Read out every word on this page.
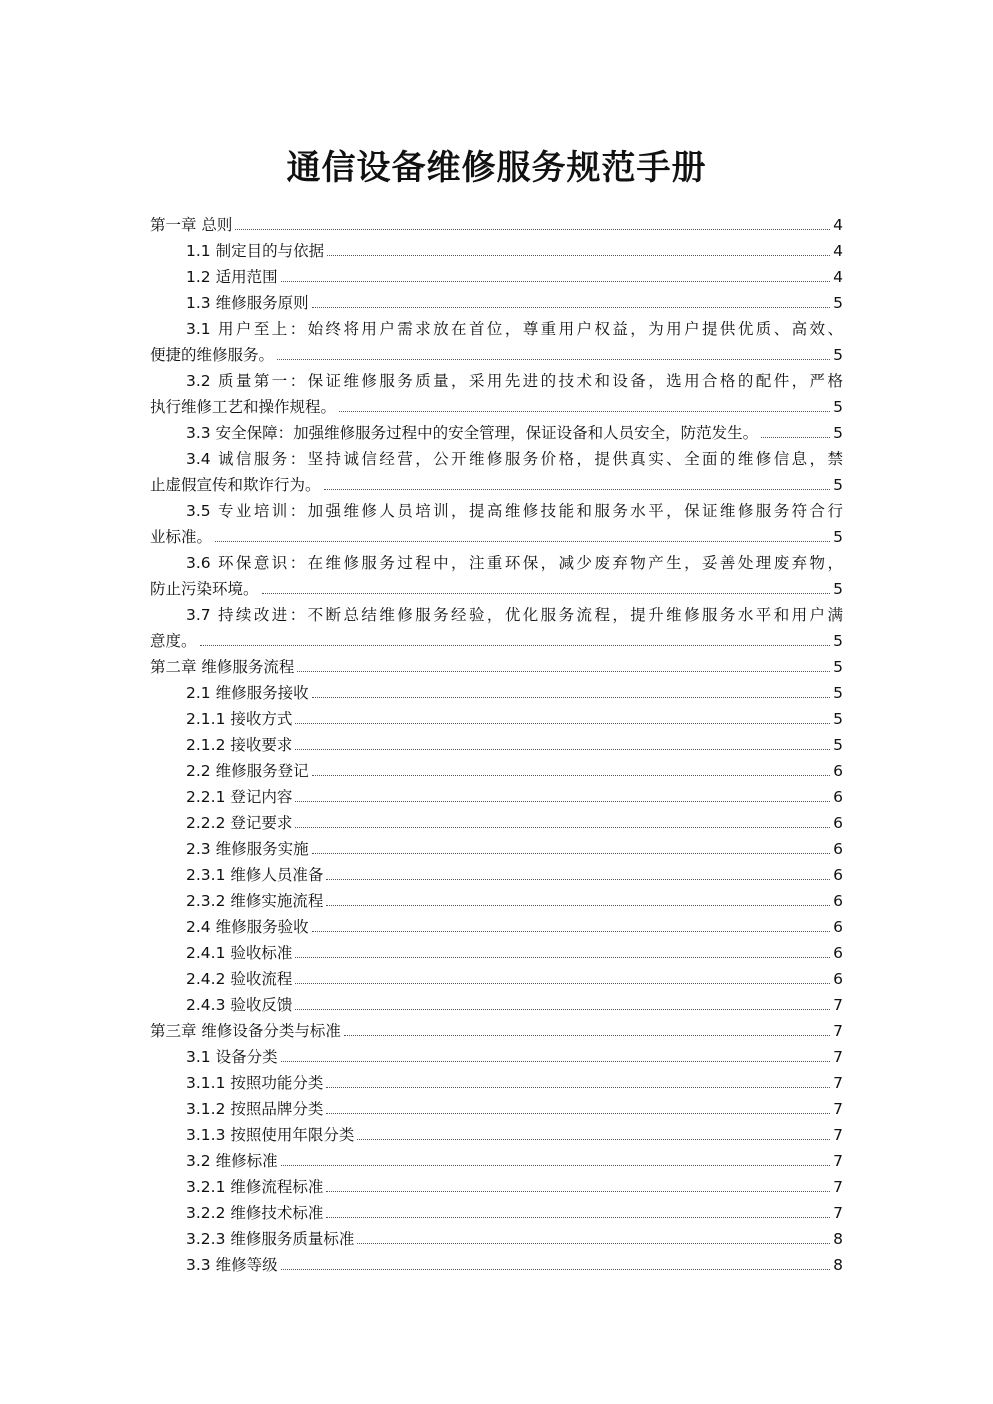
通信设备维修服务规范手册
第一章 总则	4
1.1 制定目的与依据	4
1.2 适用范围	4
1.3 维修服务原则	5
3.1 用户至上：始终将用户需求放在首位，尊重用户权益，为用户提供优质、高效、
便捷的维修服务。	5
3.2 质量第一：保证维修服务质量，采用先进的技术和设备，选用合格的配件，严格
执行维修工艺和操作规程。	5
3.3 安全保障：加强维修服务过程中的安全管理，保证设备和人员安全，防范发生。	5
3.4 诚信服务：坚持诚信经营，公开维修服务价格，提供真实、全面的维修信息，禁
止虚假宣传和欺诈行为。	5
3.5 专业培训：加强维修人员培训，提高维修技能和服务水平，保证维修服务符合行
业标准。	5
3.6 环保意识：在维修服务过程中，注重环保，减少废弃物产生，妥善处理废弃物，
防止污染环境。	5
3.7 持续改进：不断总结维修服务经验，优化服务流程，提升维修服务水平和用户满
意度。	5
第二章 维修服务流程	5
2.1 维修服务接收	5
2.1.1 接收方式	5
2.1.2 接收要求	5
2.2 维修服务登记	6
2.2.1 登记内容	6
2.2.2 登记要求	6
2.3 维修服务实施	6
2.3.1 维修人员准备	6
2.3.2 维修实施流程	6
2.4 维修服务验收	6
2.4.1 验收标准	6
2.4.2 验收流程	6
2.4.3 验收反馈	7
第三章 维修设备分类与标准	7
3.1 设备分类	7
3.1.1 按照功能分类	7
3.1.2 按照品牌分类	7
3.1.3 按照使用年限分类	7
3.2 维修标准	7
3.2.1 维修流程标准	7
3.2.2 维修技术标准	7
3.2.3 维修服务质量标准	8
3.3 维修等级	8
